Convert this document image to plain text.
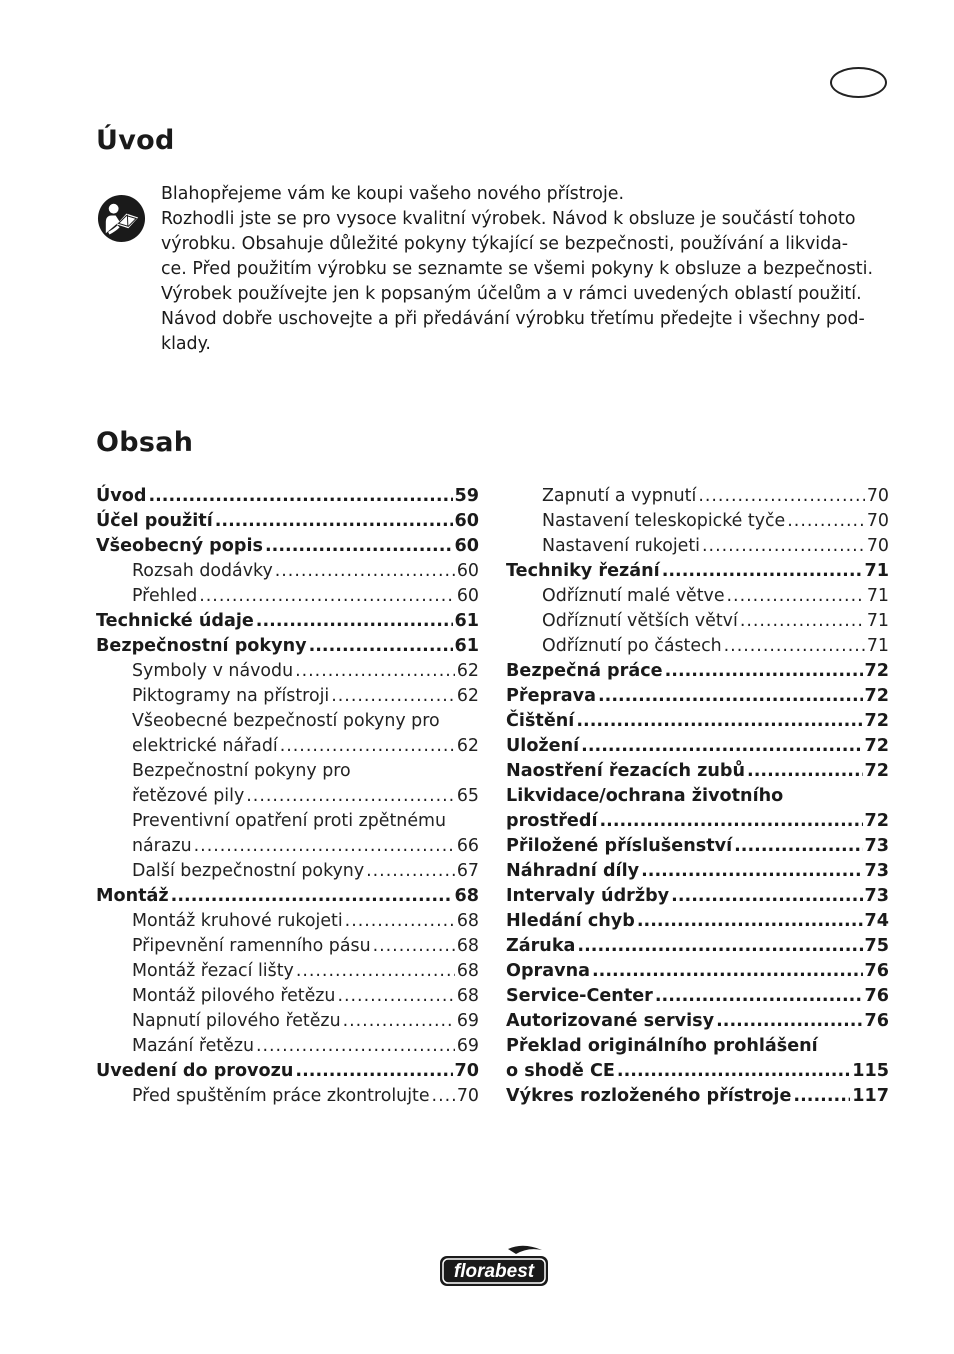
Úvod
Blahopřejeme vám ke koupi vašeho nového přístroje.
Rozhodli jste se pro vysoce kvalitní výrobek. Návod k obsluze je součástí tohoto
výrobku. Obsahuje důležité pokyny týkající se bezpečnosti, používání a likvida-
ce. Před použitím výrobku se seznamte se všemi pokyny k obsluze a bezpečnosti.
Výrobek používejte jen k popsaným účelům a v rámci uvedených oblastí použití.
Návod dobře uschovejte a při předávání výrobku třetímu předejte i všechny pod-
klady.
Obsah
Úvod .....	59
Účel použití .....	60
Všeobecný popis .....	60
Rozsah dodávky .....	60
Přehled .....	60
Technické údaje .....	61
Bezpečnostní pokyny .....	61
Symboly v návodu .....	62
Piktogramy na přístroji .....	62
Všeobecné bezpečností pokyny pro
elektrické nářadí .....	62
Bezpečnostní pokyny pro
řetězové pily .....	65
Preventivní opatření proti zpětnému
nárazu .....	66
Další bezpečnostní pokyny .....	67
Montáž .....	68
Montáž kruhové rukojeti .....	68
Připevnění ramenního pásu .....	68
Montáž řezací lišty .....	68
Montáž pilového řetězu .....	68
Napnutí pilového řetězu .....	69
Mazání řetězu .....	69
Uvedení do provozu .....	70
Před spuštěním práce zkontrolujte ..... 70
Zapnutí a vypnutí .....	70
Nastavení teleskopické tyče .....	70
Nastavení rukojeti .....	70
Techniky řezání .....	71
Odříznutí malé větve .....	71
Odříznutí větších větví .....	71
Odříznutí po částech .....	71
Bezpečná práce .....	72
Přeprava .....	72
Čištění .....	72
Uložení .....	72
Naostření řezacích zubů .....	72
Likvidace/ochrana životního
prostředí .....	72
Přiložené příslušenství .....	73
Náhradní díly .....	73
Intervaly údržby .....	73
Hledání chyb .....	74
Záruka .....	75
Opravna .....	76
Service-Center .....	76
Autorizované servisy .....	76
Překlad originálního prohlášení
o shodě CE .....	115
Výkres rozloženého přístroje .....	117
florabest
